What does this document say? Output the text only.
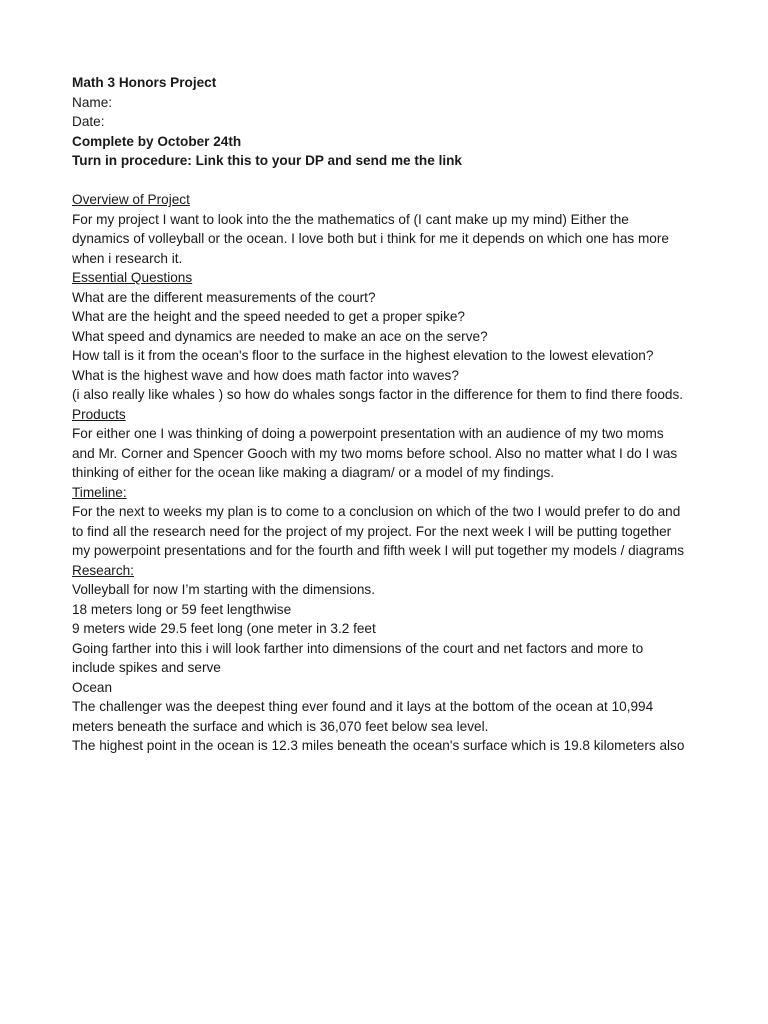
Math 3 Honors Project
Name:
Date:
Complete by October 24th
Turn in procedure: Link this to your DP and send me the link
Overview of Project
For my project I want to look into the the mathematics of (I cant make up my mind) Either the
dynamics of volleyball or the ocean. I love both but i think for me it depends on which one has more
when i research it.
Essential Questions
What are the different measurements of the court?
What are the height and the speed needed to get a proper spike?
What speed and dynamics are needed to make an ace on the serve?
How tall is it from the ocean's floor to the surface in the highest elevation to the lowest elevation?
What is the highest wave and how does math factor into waves?
(i also really like whales ) so how do whales songs factor in the difference for them to find there foods.
Products
For either one I was thinking of doing a powerpoint presentation with an audience of my two moms
and Mr. Corner and Spencer Gooch with my two moms before school. Also no matter what I do I was
thinking of either for the ocean like making a diagram/ or a model of my findings.
Timeline:
For the next to weeks my plan is to come to a conclusion on which of the two I would prefer to do and
to find all the research need for the project of my project. For the next week I will be putting together
my powerpoint presentations and for the fourth and fifth week I will put together my models / diagrams
Research:
Volleyball for now I’m starting with the dimensions.
18 meters long or 59 feet lengthwise
9 meters wide 29.5 feet long (one meter in 3.2 feet
Going farther into this i will look farther into dimensions of the court and net factors and more to
include spikes and serve
Ocean
The challenger was the deepest thing ever found and it lays at the bottom of the ocean at 10,994
meters beneath the surface and which is 36,070 feet below sea level.
The highest point in the ocean is 12.3 miles beneath the ocean's surface which is 19.8 kilometers also
